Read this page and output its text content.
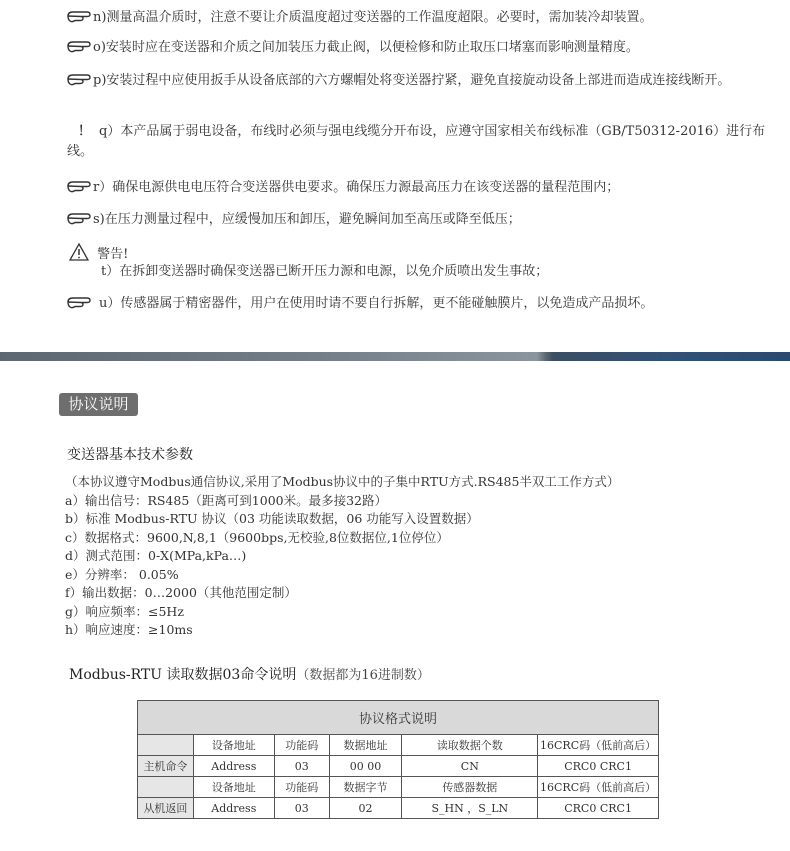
n)测量高温介质时，注意不要让介质温度超过变送器的工作温度超限。必要时，需加装冷却装置。
o)安装时应在变送器和介质之间加装压力截止阀，以便检修和防止取压口堵塞而影响测量精度。
p)安装过程中应使用扳手从设备底部的六方螺帽处将变送器拧紧，避免直接旋动设备上部进而造成连接线断开。
！ q）本产品属于弱电设备，布线时必须与强电线缆分开布设，应遵守国家相关布线标准（GB/T50312-2016）进行布线。
r）确保电源供电电压符合变送器供电要求。确保压力源最高压力在该变送器的量程范围内；
s)在压力测量过程中，应缓慢加压和卸压，避免瞬间加至高压或降至低压；
警告!
t）在拆卸变送器时确保变送器已断开压力源和电源，以免介质喷出发生事故；
u）传感器属于精密器件，用户在使用时请不要自行拆解，更不能碰触膜片，以免造成产品损坏。
协议说明
变送器基本技术参数
（本协议遵守Modbus通信协议,采用了Modbus协议中的子集中RTU方式.RS485半双工工作方式）
a）输出信号：RS485（距离可到1000米。最多接32路）
b）标准 Modbus-RTU 协议（03 功能读取数据，06 功能写入设置数据）
c）数据格式：9600,N,8,1（9600bps,无校验,8位数据位,1位停位）
d）测式范围：0-X(MPa,kPa…)
e）分辨率： 0.05%
f）输出数据：0…2000（其他范围定制）
g）响应频率：≤5Hz
h）响应速度：≥10ms
Modbus-RTU 读取数据03命令说明（数据都为16进制数）
协议格式说明					
	设备地址	功能码	数据地址	读取数据个数	16CRC码（低前高后）
主机命令	Address	03	00 00	CN	CRC0 CRC1
	设备地址	功能码	数据字节	传感器数据	16CRC码（低前高后）
从机返回	Address	03	02	S_HN ，S_LN	CRC0 CRC1
